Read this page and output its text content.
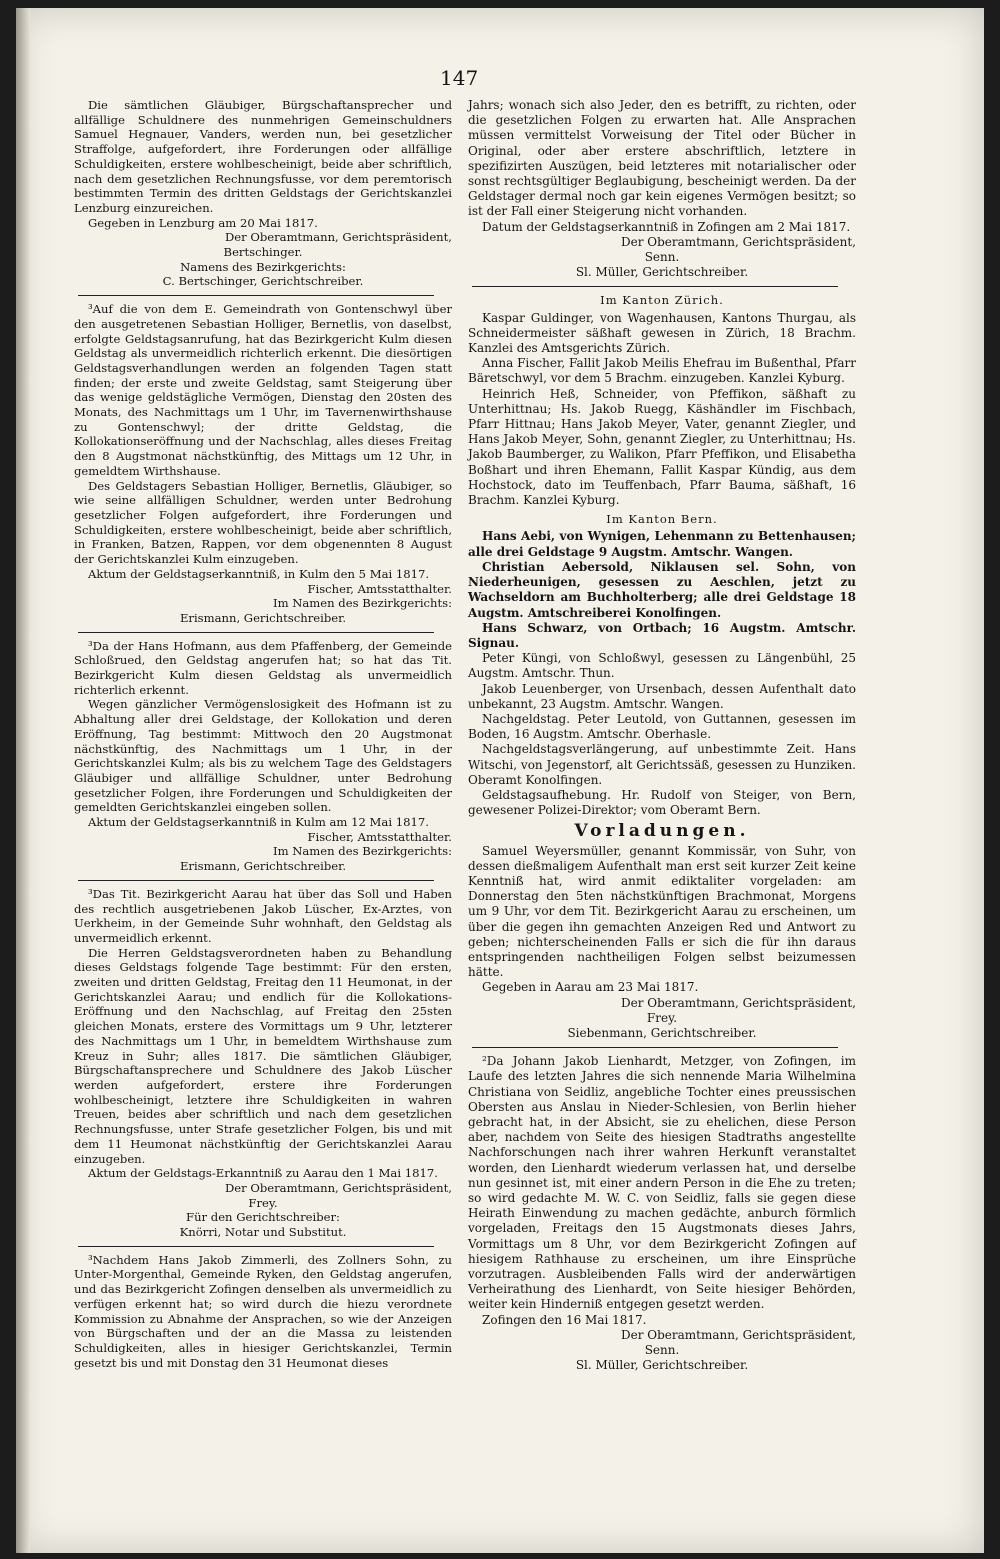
147

Die sämtlichen Gläubiger, Bürgschaftansprecher und allfällige Schuldnere des nunmehrigen Gemeinschuldners Samuel Hegnauer, Vanders, werden nun, bei gesetzlicher Straffolge, aufgefordert, ihre Forderungen oder allfällige Schuldigkeiten, erstere wohlbescheinigt, beide aber schriftlich, nach dem gesetzlichen Rechnungsfusse, vor dem peremtorisch bestimmten Termin des dritten Geldstags der Gerichtskanzlei Lenzburg einzureichen.

Gegeben in Lenzburg am 20 Mai 1817.

Der Oberamtmann, Gerichtspräsident,

Bertschinger.

Namens des Bezirkgerichts:

C. Bertschinger, Gerichtschreiber.

³Auf die von dem E. Gemeindrath von Gontenschwyl über den ausgetretenen Sebastian Holliger, Bernetlis, von daselbst, erfolgte Geldstagsanrufung, hat das Bezirkgericht Kulm diesen Geldstag als unvermeidlich richterlich erkennt. Die diesörtigen Geldstagsverhandlungen werden an folgenden Tagen statt finden; der erste und zweite Geldstag, samt Steigerung über das wenige geldstägliche Vermögen, Dienstag den 20sten des Monats, des Nachmittags um 1 Uhr, im Tavernenwirthshause zu Gontenschwyl; der dritte Geldstag, die Kollokationseröffnung und der Nachschlag, alles dieses Freitag den 8 Augstmonat nächstkünftig, des Mittags um 12 Uhr, in gemeldtem Wirthshause.

Des Geldstagers Sebastian Holliger, Bernetlis, Gläubiger, so wie seine allfälligen Schuldner, werden unter Bedrohung gesetzlicher Folgen aufgefordert, ihre Forderungen und Schuldigkeiten, erstere wohlbescheinigt, beide aber schriftlich, in Franken, Batzen, Rappen, vor dem obgenennten 8 August der Gerichtskanzlei Kulm einzugeben.

Aktum der Geldstagserkanntniß, in Kulm den 5 Mai 1817.

Fischer, Amtsstatthalter.

Im Namen des Bezirkgerichts:

Erismann, Gerichtschreiber.

³Da der Hans Hofmann, aus dem Pfaffenberg, der Gemeinde Schloßrued, den Geldstag angerufen hat; so hat das Tit. Bezirkgericht Kulm diesen Geldstag als unvermeidlich richterlich erkennt.

Wegen gänzlicher Vermögenslosigkeit des Hofmann ist zu Abhaltung aller drei Geldstage, der Kollokation und deren Eröffnung, Tag bestimmt: Mittwoch den 20 Augstmonat nächstkünftig, des Nachmittags um 1 Uhr, in der Gerichtskanzlei Kulm; als bis zu welchem Tage des Geldstagers Gläubiger und allfällige Schuldner, unter Bedrohung gesetzlicher Folgen, ihre Forderungen und Schuldigkeiten der gemeldten Gerichtskanzlei eingeben sollen.

Aktum der Geldstagserkanntniß in Kulm am 12 Mai 1817.

Fischer, Amtsstatthalter.

Im Namen des Bezirkgerichts:

Erismann, Gerichtschreiber.

³Das Tit. Bezirkgericht Aarau hat über das Soll und Haben des rechtlich ausgetriebenen Jakob Lüscher, Ex-Arztes, von Uerkheim, in der Gemeinde Suhr wohnhaft, den Geldstag als unvermeidlich erkennt.

Die Herren Geldstagsverordneten haben zu Behandlung dieses Geldstags folgende Tage bestimmt: Für den ersten, zweiten und dritten Geldstag, Freitag den 11 Heumonat, in der Gerichtskanzlei Aarau; und endlich für die Kollokations-Eröffnung und den Nachschlag, auf Freitag den 25sten gleichen Monats, erstere des Vormittags um 9 Uhr, letzterer des Nachmittags um 1 Uhr, in bemeldtem Wirthshause zum Kreuz in Suhr; alles 1817. Die sämtlichen Gläubiger, Bürgschaftansprechere und Schuldnere des Jakob Lüscher werden aufgefordert, erstere ihre Forderungen wohlbescheinigt, letztere ihre Schuldigkeiten in wahren Treuen, beides aber schriftlich und nach dem gesetzlichen Rechnungsfusse, unter Strafe gesetzlicher Folgen, bis und mit dem 11 Heumonat nächstkünftig der Gerichtskanzlei Aarau einzugeben.

Aktum der Geldstags-Erkanntniß zu Aarau den 1 Mai 1817.

Der Oberamtmann, Gerichtspräsident,

Frey.

Für den Gerichtschreiber:

Knörri, Notar und Substitut.

³Nachdem Hans Jakob Zimmerli, des Zollners Sohn, zu Unter-Morgenthal, Gemeinde Ryken, den Geldstag angerufen, und das Bezirkgericht Zofingen denselben als unvermeidlich zu verfügen erkennt hat; so wird durch die hiezu verordnete Kommission zu Abnahme der Ansprachen, so wie der Anzeigen von Bürgschaften und der an die Massa zu leistenden Schuldigkeiten, alles in hiesiger Gerichtskanzlei, Termin gesetzt bis und mit Donstag den 31 Heumonat dieses

Jahrs; wonach sich also Jeder, den es betrifft, zu richten, oder die gesetzlichen Folgen zu erwarten hat. Alle Ansprachen müssen vermittelst Vorweisung der Titel oder Bücher in Original, oder aber erstere abschriftlich, letztere in spezifizirten Auszügen, beid letzteres mit notarialischer oder sonst rechtsgültiger Beglaubigung, bescheinigt werden. Da der Geldstager dermal noch gar kein eigenes Vermögen besitzt; so ist der Fall einer Steigerung nicht vorhanden.

Datum der Geldstagserkanntniß in Zofingen am 2 Mai 1817.

Der Oberamtmann, Gerichtspräsident,

Senn.

Sl. Müller, Gerichtschreiber.

Im Kanton Zürich.

Kaspar Guldinger, von Wagenhausen, Kantons Thurgau, als Schneidermeister säßhaft gewesen in Zürich, 18 Brachm. Kanzlei des Amtsgerichts Zürich.

Anna Fischer, Fallit Jakob Meilis Ehefrau im Bußenthal, Pfarr Bäretschwyl, vor dem 5 Brachm. einzugeben. Kanzlei Kyburg.

Heinrich Heß, Schneider, von Pfeffikon, säßhaft zu Unterhittnau; Hs. Jakob Ruegg, Käshändler im Fischbach, Pfarr Hittnau; Hans Jakob Meyer, Vater, genannt Ziegler, und Hans Jakob Meyer, Sohn, genannt Ziegler, zu Unterhittnau; Hs. Jakob Baumberger, zu Walikon, Pfarr Pfeffikon, und Elisabetha Boßhart und ihren Ehemann, Fallit Kaspar Kündig, aus dem Hochstock, dato im Teuffenbach, Pfarr Bauma, säßhaft, 16 Brachm. Kanzlei Kyburg.

Im Kanton Bern.

Hans Aebi, von Wynigen, Lehenmann zu Bettenhausen; alle drei Geldstage 9 Augstm. Amtschr. Wangen.

Christian Aebersold, Niklausen sel. Sohn, von Niederheunigen, gesessen zu Aeschlen, jetzt zu Wachseldorn am Buchholterberg; alle drei Geldstage 18 Augstm. Amtschreiberei Konolfingen.

Hans Schwarz, von Ortbach; 16 Augstm. Amtschr. Signau.

Peter Küngi, von Schloßwyl, gesessen zu Längenbühl, 25 Augstm. Amtschr. Thun.

Jakob Leuenberger, von Ursenbach, dessen Aufenthalt dato unbekannt, 23 Augstm. Amtschr. Wangen.

Nachgeldstag. Peter Leutold, von Guttannen, gesessen im Boden, 16 Augstm. Amtschr. Oberhasle.

Nachgeldstagsverlängerung, auf unbestimmte Zeit. Hans Witschi, von Jegenstorf, alt Gerichtssäß, gesessen zu Hunziken. Oberamt Konolfingen.

Geldstagsaufhebung. Hr. Rudolf von Steiger, von Bern, gewesener Polizei-Direktor; vom Oberamt Bern.

Vorladungen.

Samuel Weyersmüller, genannt Kommissär, von Suhr, von dessen dießmaligem Aufenthalt man erst seit kurzer Zeit keine Kenntniß hat, wird anmit ediktaliter vorgeladen: am Donnerstag den 5ten nächstkünftigen Brachmonat, Morgens um 9 Uhr, vor dem Tit. Bezirkgericht Aarau zu erscheinen, um über die gegen ihn gemachten Anzeigen Red und Antwort zu geben; nichterscheinenden Falls er sich die für ihn daraus entspringenden nachtheiligen Folgen selbst beizumessen hätte.

Gegeben in Aarau am 23 Mai 1817.

Der Oberamtmann, Gerichtspräsident,

Frey.

Siebenmann, Gerichtschreiber.

²Da Johann Jakob Lienhardt, Metzger, von Zofingen, im Laufe des letzten Jahres die sich nennende Maria Wilhelmina Christiana von Seidliz, angebliche Tochter eines preussischen Obersten aus Anslau in Nieder-Schlesien, von Berlin hieher gebracht hat, in der Absicht, sie zu ehelichen, diese Person aber, nachdem von Seite des hiesigen Stadtraths angestellte Nachforschungen nach ihrer wahren Herkunft veranstaltet worden, den Lienhardt wiederum verlassen hat, und derselbe nun gesinnet ist, mit einer andern Person in die Ehe zu treten; so wird gedachte M. W. C. von Seidliz, falls sie gegen diese Heirath Einwendung zu machen gedächte, anburch förmlich vorgeladen, Freitags den 15 Augstmonats dieses Jahrs, Vormittags um 8 Uhr, vor dem Bezirkgericht Zofingen auf hiesigem Rathhause zu erscheinen, um ihre Einsprüche vorzutragen. Ausbleibenden Falls wird der anderwärtigen Verheirathung des Lienhardt, von Seite hiesiger Behörden, weiter kein Hinderniß entgegen gesetzt werden.

Zofingen den 16 Mai 1817.

Der Oberamtmann, Gerichtspräsident,

Senn.

Sl. Müller, Gerichtschreiber.
